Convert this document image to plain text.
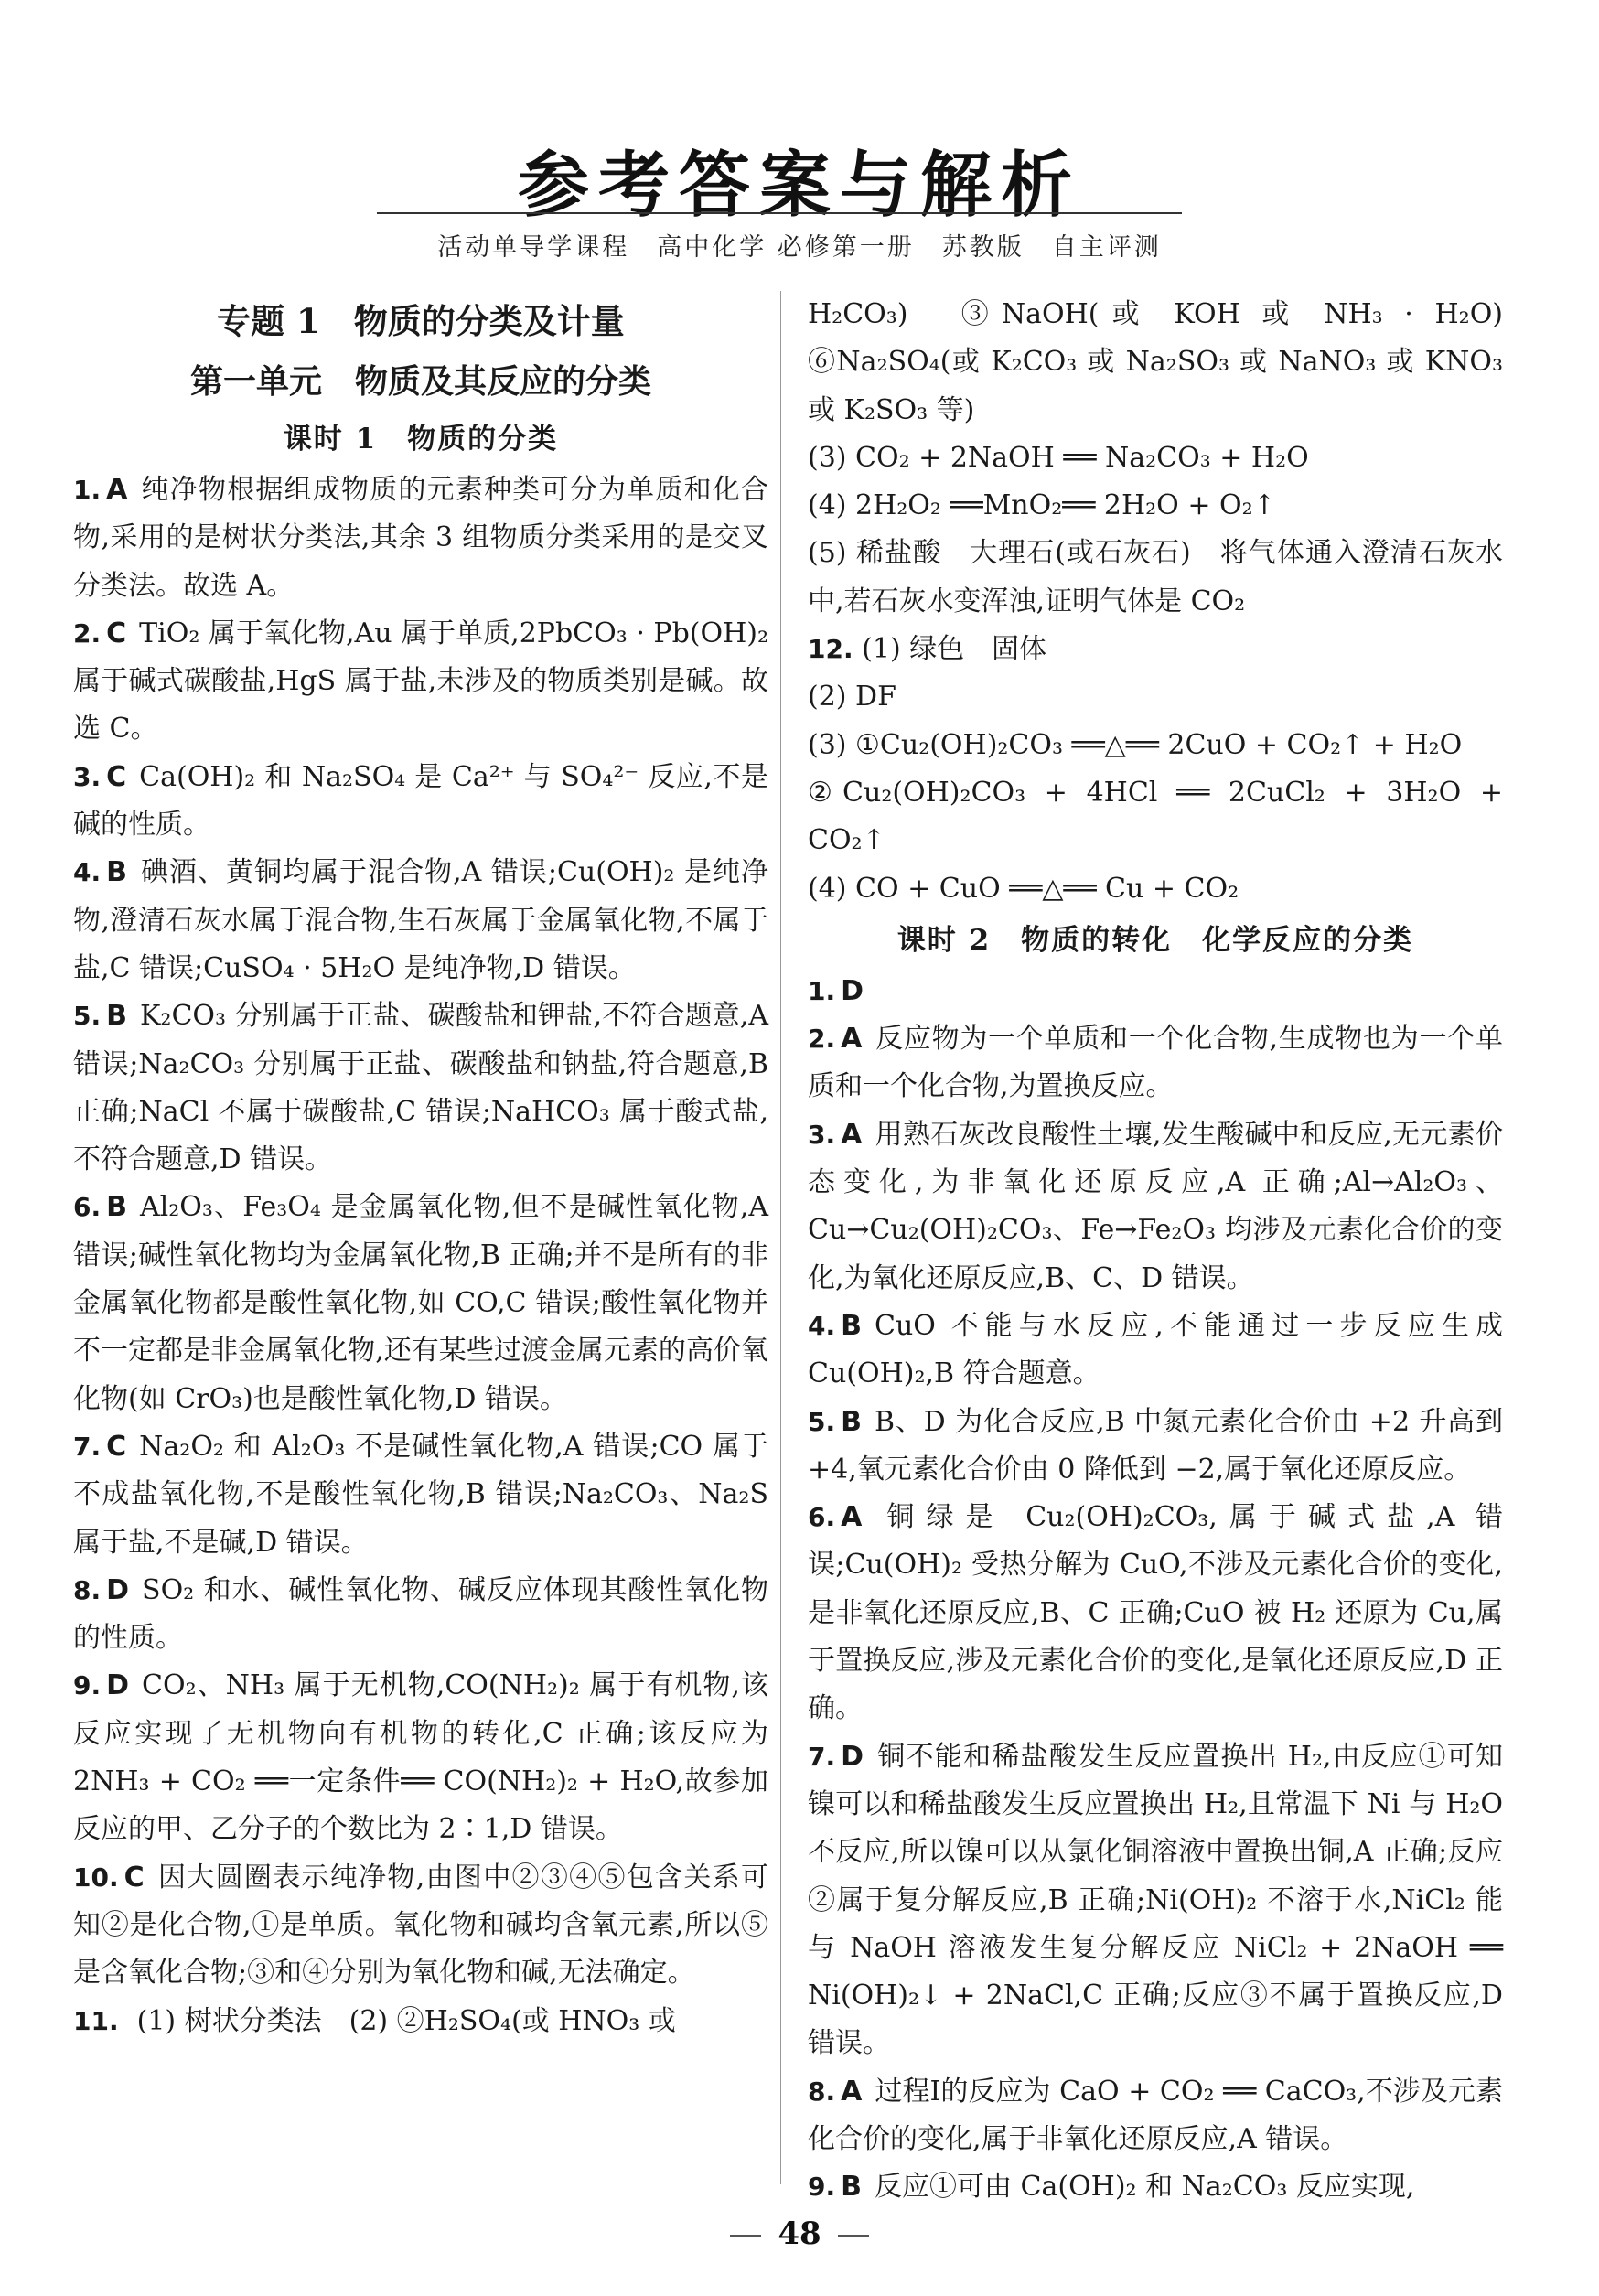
参考答案与解析
活动单导学课程　高中化学 必修第一册　苏教版　自主评测
专题 1　物质的分类及计量
第一单元　物质及其反应的分类
课时 1　物质的分类

1. A 纯净物根据组成物质的元素种类可分为单质和化合物,采用的是树状分类法,其余 3 组物质分类采用的是交叉分类法。故选 A。

2. C TiO₂ 属于氧化物,Au 属于单质,2PbCO₃ · Pb(OH)₂ 属于碱式碳酸盐,HgS 属于盐,未涉及的物质类别是碱。故选 C。

3. C Ca(OH)₂ 和 Na₂SO₄ 是 Ca²⁺ 与 SO₄²⁻ 反应,不是碱的性质。

4. B 碘酒、黄铜均属于混合物,A 错误;Cu(OH)₂ 是纯净物,澄清石灰水属于混合物,生石灰属于金属氧化物,不属于盐,C 错误;CuSO₄ · 5H₂O 是纯净物,D 错误。

5. B K₂CO₃ 分别属于正盐、碳酸盐和钾盐,不符合题意,A 错误;Na₂CO₃ 分别属于正盐、碳酸盐和钠盐,符合题意,B 正确;NaCl 不属于碳酸盐,C 错误;NaHCO₃ 属于酸式盐,不符合题意,D 错误。

6. B Al₂O₃、Fe₃O₄ 是金属氧化物,但不是碱性氧化物,A 错误;碱性氧化物均为金属氧化物,B 正确;并不是所有的非金属氧化物都是酸性氧化物,如 CO,C 错误;酸性氧化物并不一定都是非金属氧化物,还有某些过渡金属元素的高价氧化物(如 CrO₃)也是酸性氧化物,D 错误。

7. C Na₂O₂ 和 Al₂O₃ 不是碱性氧化物,A 错误;CO 属于不成盐氧化物,不是酸性氧化物,B 错误;Na₂CO₃、Na₂S 属于盐,不是碱,D 错误。

8. D SO₂ 和水、碱性氧化物、碱反应体现其酸性氧化物的性质。

9. D CO₂、NH₃ 属于无机物,CO(NH₂)₂ 属于有机物,该反应实现了无机物向有机物的转化,C 正确;该反应为 2NH₃ + CO₂ ══一定条件══ CO(NH₂)₂ + H₂O,故参加反应的甲、乙分子的个数比为 2∶1,D 错误。

10. C 因大圆圈表示纯净物,由图中②③④⑤包含关系可知②是化合物,①是单质。氧化物和碱均含氧元素,所以⑤是含氧化合物;③和④分别为氧化物和碱,无法确定。

11. (1) 树状分类法　(2) ②H₂SO₄(或 HNO₃ 或

H₂CO₃)　③NaOH(或 KOH 或 NH₃ · H₂O)　⑥Na₂SO₄(或 K₂CO₃ 或 Na₂SO₃ 或 NaNO₃ 或 KNO₃ 或 K₂SO₃ 等)

(3) CO₂ + 2NaOH ══ Na₂CO₃ + H₂O

(4) 2H₂O₂ ══MnO₂══ 2H₂O + O₂↑

(5) 稀盐酸　大理石(或石灰石)　将气体通入澄清石灰水中,若石灰水变浑浊,证明气体是 CO₂

12. (1) 绿色　固体

(2) DF

(3) ①Cu₂(OH)₂CO₃ ══△══ 2CuO + CO₂↑ + H₂O

②Cu₂(OH)₂CO₃ + 4HCl ══ 2CuCl₂ + 3H₂O + CO₂↑

(4) CO + CuO ══△══ Cu + CO₂

课时 2　物质的转化　化学反应的分类

1. D

2. A 反应物为一个单质和一个化合物,生成物也为一个单质和一个化合物,为置换反应。

3. A 用熟石灰改良酸性土壤,发生酸碱中和反应,无元素价态变化,为非氧化还原反应,A 正确;Al→Al₂O₃、Cu→Cu₂(OH)₂CO₃、Fe→Fe₂O₃ 均涉及元素化合价的变化,为氧化还原反应,B、C、D 错误。

4. B CuO 不能与水反应,不能通过一步反应生成 Cu(OH)₂,B 符合题意。

5. B B、D 为化合反应,B 中氮元素化合价由 +2 升高到 +4,氧元素化合价由 0 降低到 −2,属于氧化还原反应。

6. A 铜绿是 Cu₂(OH)₂CO₃,属于碱式盐,A 错误;Cu(OH)₂ 受热分解为 CuO,不涉及元素化合价的变化,是非氧化还原反应,B、C 正确;CuO 被 H₂ 还原为 Cu,属于置换反应,涉及元素化合价的变化,是氧化还原反应,D 正确。

7. D 铜不能和稀盐酸发生反应置换出 H₂,由反应①可知镍可以和稀盐酸发生反应置换出 H₂,且常温下 Ni 与 H₂O 不反应,所以镍可以从氯化铜溶液中置换出铜,A 正确;反应②属于复分解反应,B 正确;Ni(OH)₂ 不溶于水,NiCl₂ 能与 NaOH 溶液发生复分解反应 NiCl₂ + 2NaOH ══ Ni(OH)₂↓ + 2NaCl,C 正确;反应③不属于置换反应,D 错误。

8. A 过程Ⅰ的反应为 CaO + CO₂ ══ CaCO₃,不涉及元素化合价的变化,属于非氧化还原反应,A 错误。

9. B 反应①可由 Ca(OH)₂ 和 Na₂CO₃ 反应实现,

48
